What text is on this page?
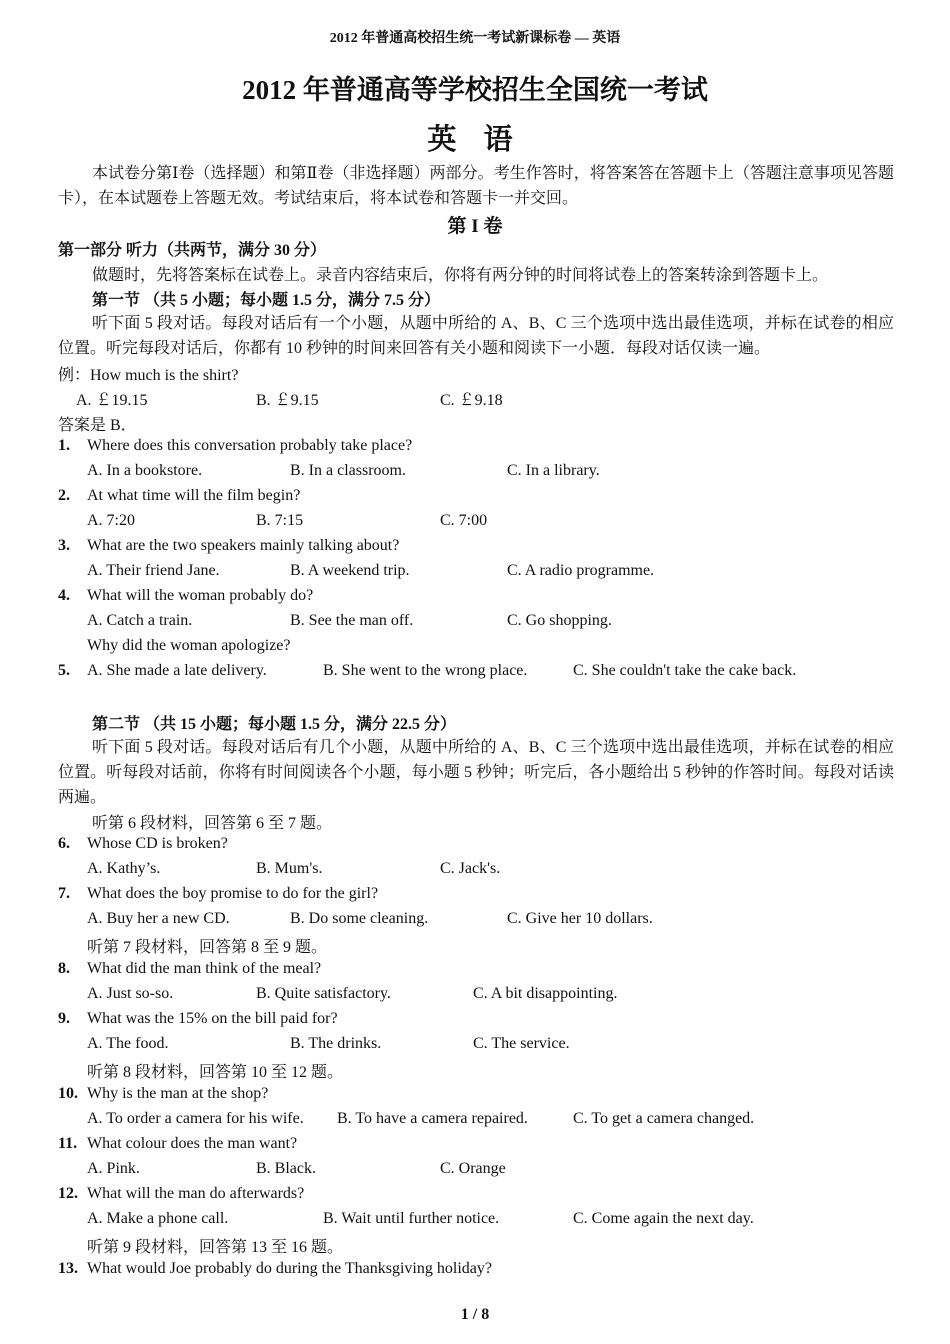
2012 年普通高校招生统一考试新课标卷 — 英语
2012 年普通高等学校招生全国统一考试
英 语
本试卷分第Ⅰ卷（选择题）和第Ⅱ卷（非选择题）两部分。考生作答时，将答案答在答题卡上（答题注意事项见答题卡），在本试题卷上答题无效。考试结束后，将本试卷和答题卡一并交回。
第 I 卷
第一部分 听力（共两节，满分 30 分）
做题时，先将答案标在试卷上。录音内容结束后，你将有两分钟的时间将试卷上的答案转涂到答题卡上。
第一节 （共 5 小题；每小题 1.5 分，满分 7.5 分）
听下面 5 段对话。每段对话后有一个小题，从题中所给的 A、B、C 三个选项中选出最佳选项，并标在试卷的相应位置。听完每段对话后，你都有 10 秒钟的时间来回答有关小题和阅读下一小题．每段对话仅读一遍。
例：How much is the shirt?
A. ￡19.15	B. ￡9.15	C. ￡9.18
答案是 B．
1. Where does this conversation probably take place?
A. In a bookstore.	B. In a classroom.	C. In a library.
2. At what time will the film begin?
A. 7:20	B. 7:15	C. 7:00
3. What are the two speakers mainly talking about?
A. Their friend Jane.	B. A weekend trip.	C. A radio programme.
4. What will the woman probably do?
A. Catch a train.	B. See the man off.	C. Go shopping.
5.
Why did the woman apologize?
A. She made a late delivery.	B. She went to the wrong place.	C. She couldn't take the cake back.
第二节 （共 15 小题；每小题 1.5 分，满分 22.5 分）
听下面 5 段对话。每段对话后有几个小题，从题中所给的 A、B、C 三个选项中选出最佳选项，并标在试卷的相应位置。听每段对话前，你将有时间阅读各个小题，每小题 5 秒钟；听完后，各小题给出 5 秒钟的作答时间。每段对话读两遍。
听第 6 段材料，回答第 6 至 7 题。
6. Whose CD is broken?
A. Kathy’s.	B. Mum's.	C. Jack's.
7. What does the boy promise to do for the girl?
A. Buy her a new CD.	B. Do some cleaning.	C. Give her 10 dollars.
听第 7 段材料，回答第 8 至 9 题。
8. What did the man think of the meal?
A. Just so-so.	B. Quite satisfactory.	C. A bit disappointing.
9. What was the 15% on the bill paid for?
A. The food.	B. The drinks.	C. The service.
听第 8 段材料，回答第 10 至 12 题。
10. Why is the man at the shop?
A. To order a camera for his wife. B. To have a camera repaired.	C. To get a camera changed.
11. What colour does the man want?
A. Pink.	B. Black.	C. Orange
12. What will the man do afterwards?
A. Make a phone call.	B. Wait until further notice.	C. Come again the next day.
听第 9 段材料，回答第 13 至 16 题。
13. What would Joe probably do during the Thanksgiving holiday?
1 / 8
